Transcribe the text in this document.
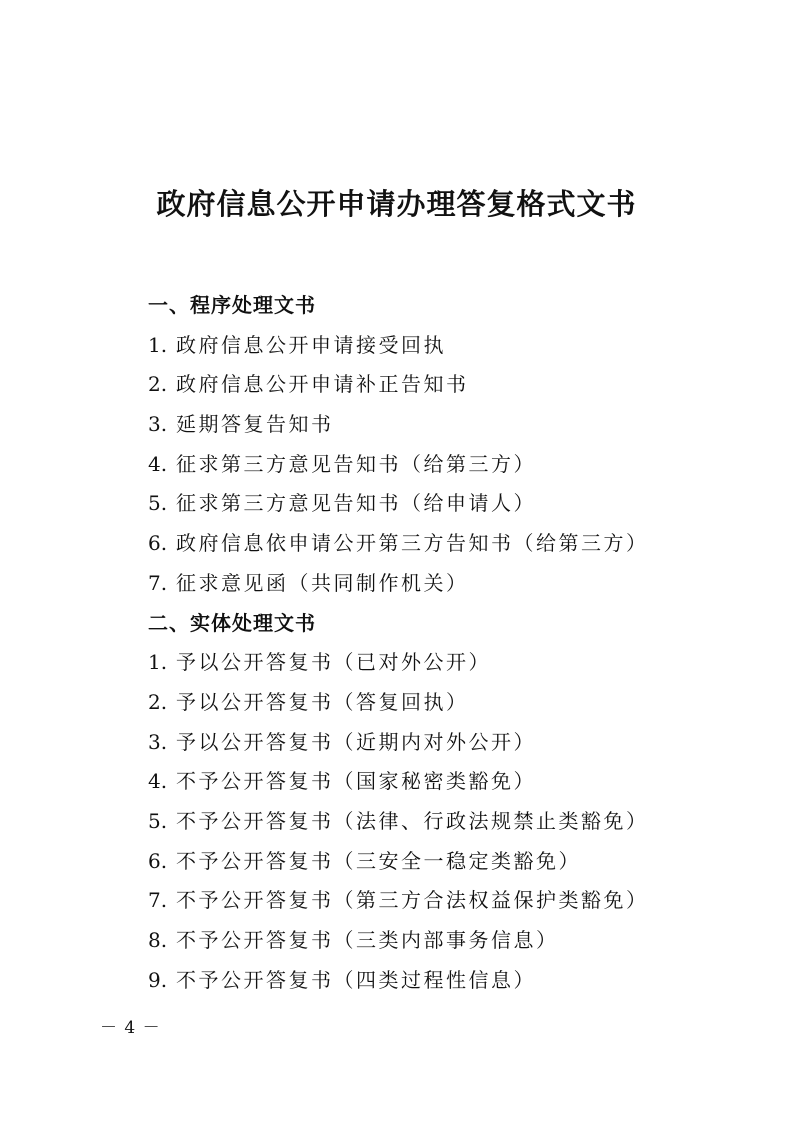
政府信息公开申请办理答复格式文书
一、程序处理文书
1. 政府信息公开申请接受回执
2. 政府信息公开申请补正告知书
3. 延期答复告知书
4. 征求第三方意见告知书（给第三方）
5. 征求第三方意见告知书（给申请人）
6. 政府信息依申请公开第三方告知书（给第三方）
7. 征求意见函（共同制作机关）
二、实体处理文书
1. 予以公开答复书（已对外公开）
2. 予以公开答复书（答复回执）
3. 予以公开答复书（近期内对外公开）
4. 不予公开答复书（国家秘密类豁免）
5. 不予公开答复书（法律、行政法规禁止类豁免）
6. 不予公开答复书（三安全一稳定类豁免）
7. 不予公开答复书（第三方合法权益保护类豁免）
8. 不予公开答复书（三类内部事务信息）
9. 不予公开答复书（四类过程性信息）
－ 4 －
